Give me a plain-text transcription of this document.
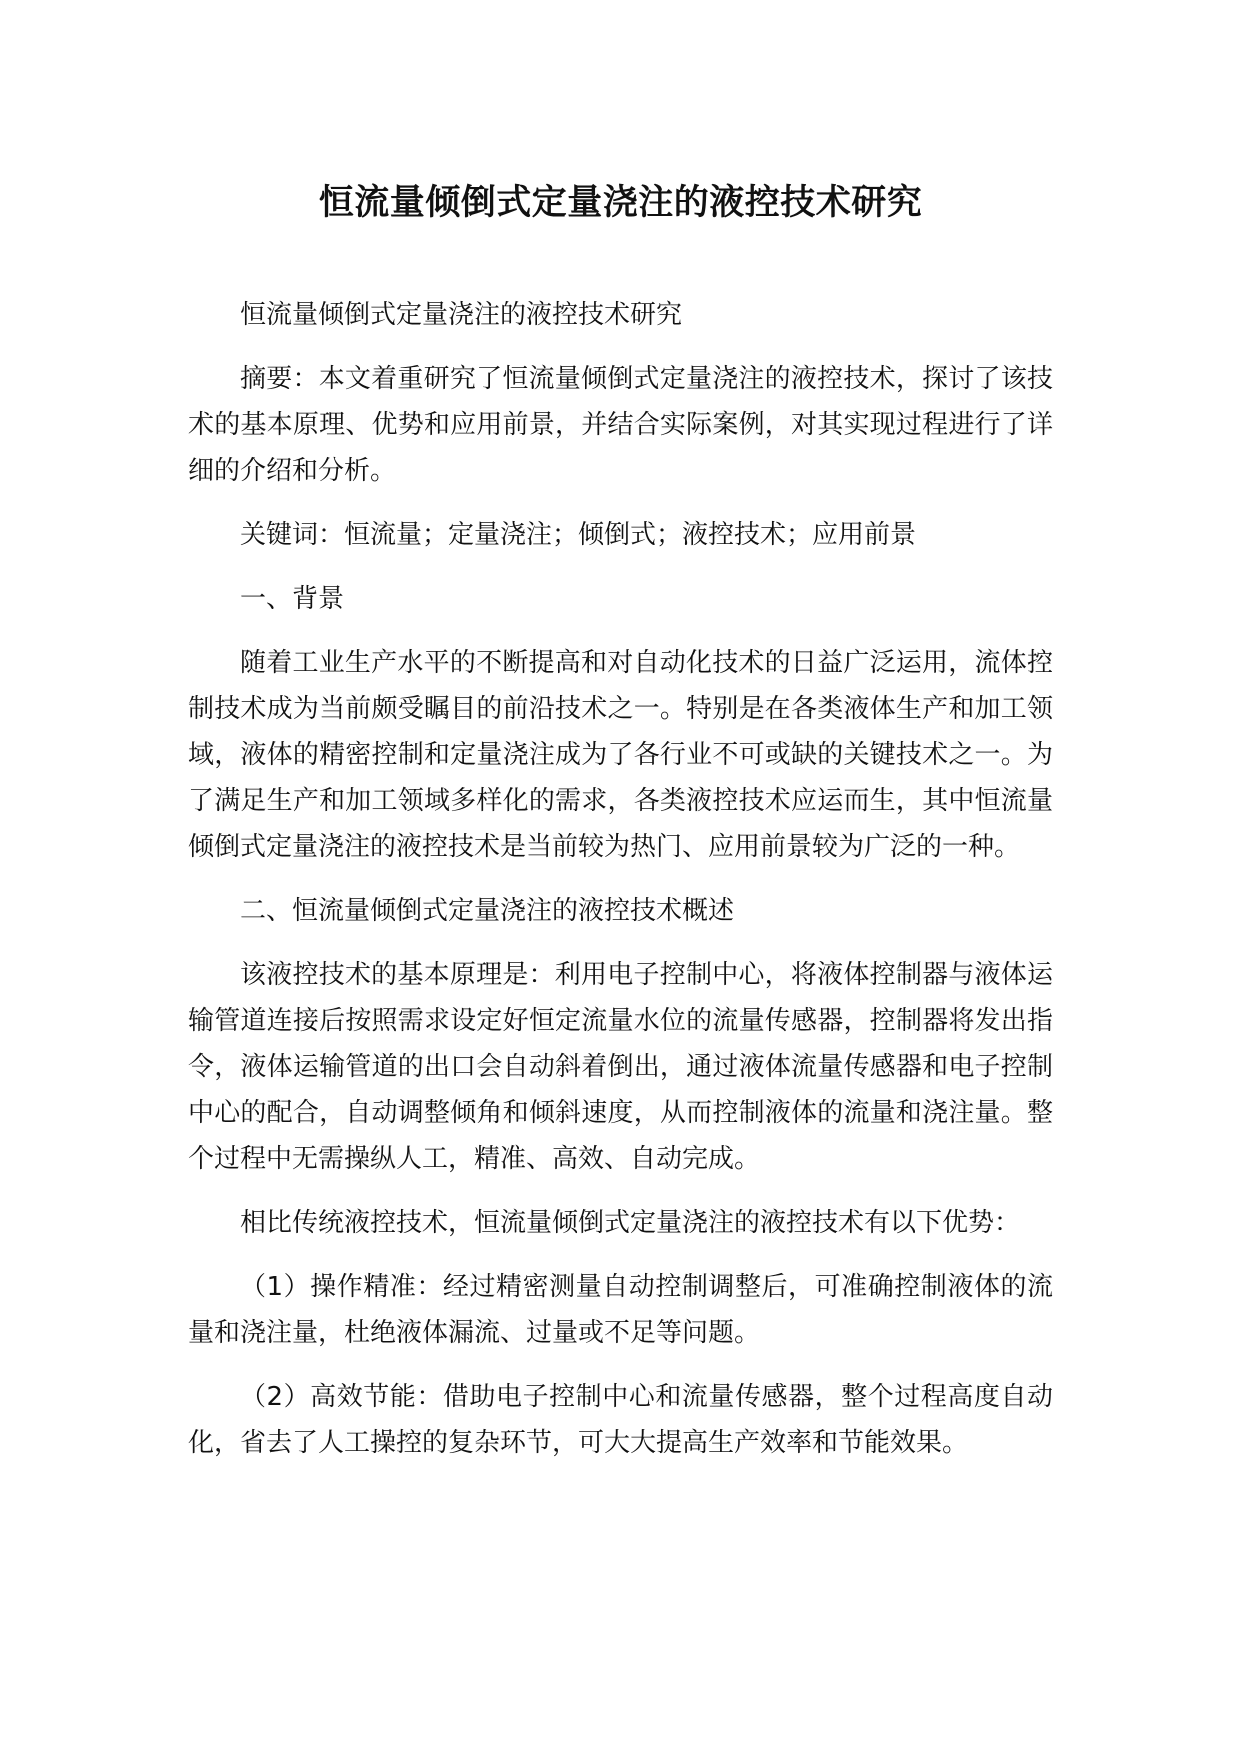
恒流量倾倒式定量浇注的液控技术研究

恒流量倾倒式定量浇注的液控技术研究

摘要：本文着重研究了恒流量倾倒式定量浇注的液控技术，探讨了该技术的基本原理、优势和应用前景，并结合实际案例，对其实现过程进行了详细的介绍和分析。

关键词：恒流量；定量浇注；倾倒式；液控技术；应用前景

一、背景

随着工业生产水平的不断提高和对自动化技术的日益广泛运用，流体控制技术成为当前颇受瞩目的前沿技术之一。特别是在各类液体生产和加工领域，液体的精密控制和定量浇注成为了各行业不可或缺的关键技术之一。为了满足生产和加工领域多样化的需求，各类液控技术应运而生，其中恒流量倾倒式定量浇注的液控技术是当前较为热门、应用前景较为广泛的一种。

二、恒流量倾倒式定量浇注的液控技术概述

该液控技术的基本原理是：利用电子控制中心，将液体控制器与液体运输管道连接后按照需求设定好恒定流量水位的流量传感器，控制器将发出指令，液体运输管道的出口会自动斜着倒出，通过液体流量传感器和电子控制中心的配合，自动调整倾角和倾斜速度，从而控制液体的流量和浇注量。整个过程中无需操纵人工，精准、高效、自动完成。

相比传统液控技术，恒流量倾倒式定量浇注的液控技术有以下优势：

（1）操作精准：经过精密测量自动控制调整后，可准确控制液体的流量和浇注量，杜绝液体漏流、过量或不足等问题。

（2）高效节能：借助电子控制中心和流量传感器，整个过程高度自动化，省去了人工操控的复杂环节，可大大提高生产效率和节能效果。
